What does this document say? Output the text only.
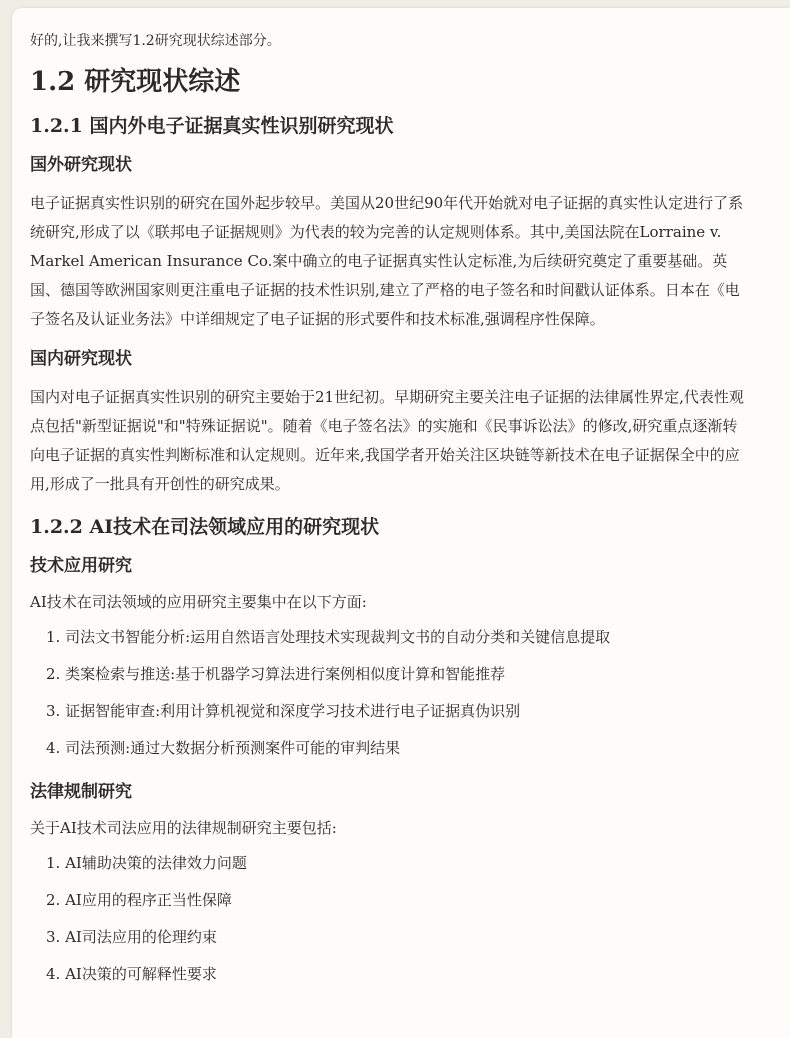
好的,让我来撰写1.2研究现状综述部分。

1.2 研究现状综述
1.2.1 国内外电子证据真实性识别研究现状
国外研究现状

电子证据真实性识别的研究在国外起步较早。美国从20世纪90年代开始就对电子证据的真实性认定进行了系统研究,形成了以《联邦电子证据规则》为代表的较为完善的认定规则体系。其中,美国法院在Lorraine v. Markel American Insurance Co.案中确立的电子证据真实性认定标准,为后续研究奠定了重要基础。英国、德国等欧洲国家则更注重电子证据的技术性识别,建立了严格的电子签名和时间戳认证体系。日本在《电子签名及认证业务法》中详细规定了电子证据的形式要件和技术标准,强调程序性保障。

国内研究现状

国内对电子证据真实性识别的研究主要始于21世纪初。早期研究主要关注电子证据的法律属性界定,代表性观点包括"新型证据说"和"特殊证据说"。随着《电子签名法》的实施和《民事诉讼法》的修改,研究重点逐渐转向电子证据的真实性判断标准和认定规则。近年来,我国学者开始关注区块链等新技术在电子证据保全中的应用,形成了一批具有开创性的研究成果。

1.2.2 AI技术在司法领域应用的研究现状
技术应用研究

AI技术在司法领域的应用研究主要集中在以下方面:

1. 司法文书智能分析:运用自然语言处理技术实现裁判文书的自动分类和关键信息提取
2. 类案检索与推送:基于机器学习算法进行案例相似度计算和智能推荐
3. 证据智能审查:利用计算机视觉和深度学习技术进行电子证据真伪识别
4. 司法预测:通过大数据分析预测案件可能的审判结果
法律规制研究

关于AI技术司法应用的法律规制研究主要包括:

1. AI辅助决策的法律效力问题
2. AI应用的程序正当性保障
3. AI司法应用的伦理约束
4. AI决策的可解释性要求
